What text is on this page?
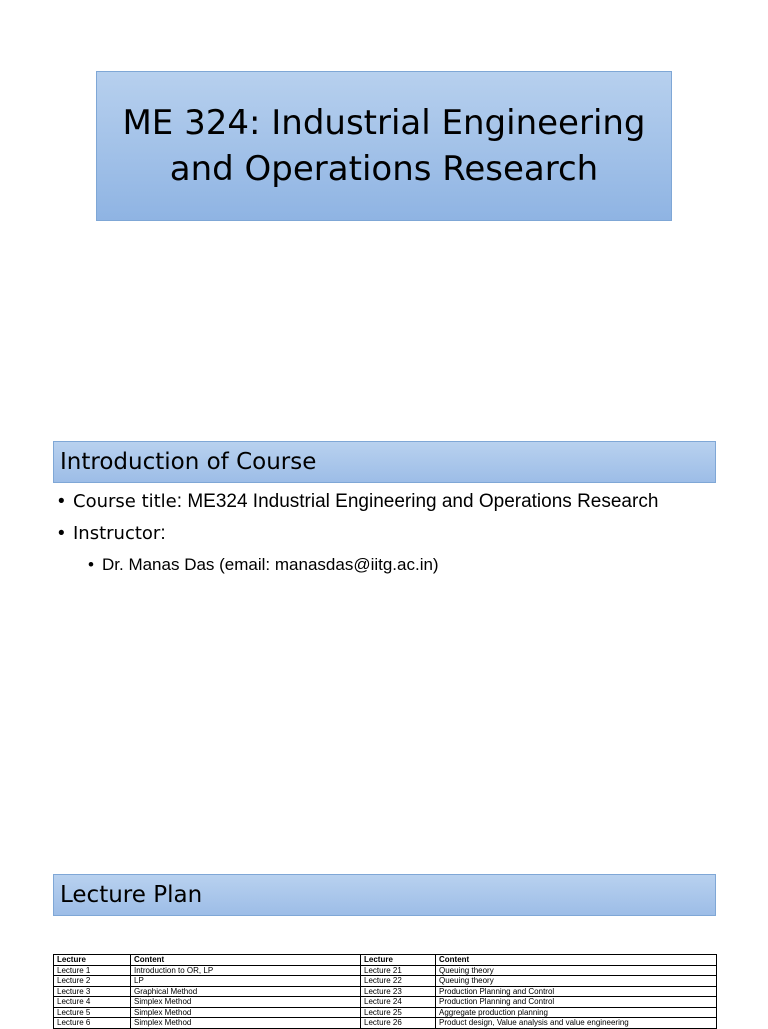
ME 324: Industrial Engineering and Operations Research
Introduction of Course
• Course title: ME324 Industrial Engineering and Operations Research
• Instructor:
• Dr. Manas Das (email: manasdas@iitg.ac.in)
Lecture Plan
Lecture	Content	Lecture	Content
Lecture 1	Introduction to OR, LP	Lecture 21	Queuing theory
Lecture 2	LP	Lecture 22	Queuing theory
Lecture 3	Graphical Method	Lecture 23	Production Planning and Control
Lecture 4	Simplex Method	Lecture 24	Production Planning and Control
Lecture 5	Simplex Method	Lecture 25	Aggregate production planning
Lecture 6	Simplex Method	Lecture 26	Product design, Value analysis and value engineering
